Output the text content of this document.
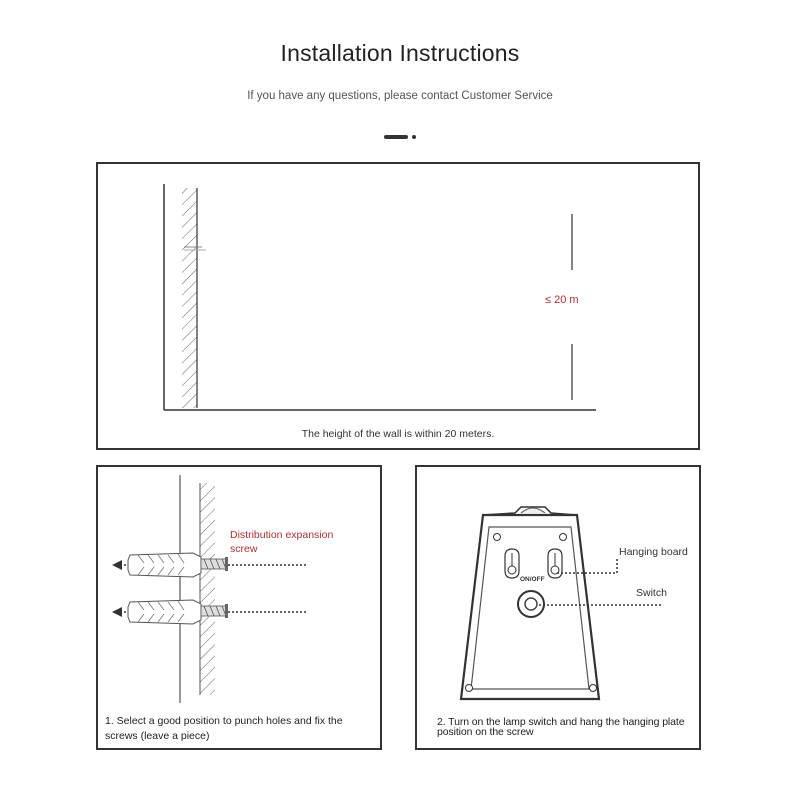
Installation Instructions
If you have any questions, please contact Customer Service
≤ 20 m
The height of the wall is within 20 meters.
Distribution expansion screw
1. Select a good position to punch holes and fix the screws (leave a piece)
ON/OFF
Hanging board
Switch
2. Turn on the lamp switch and hang the hanging plate
position on the screw
